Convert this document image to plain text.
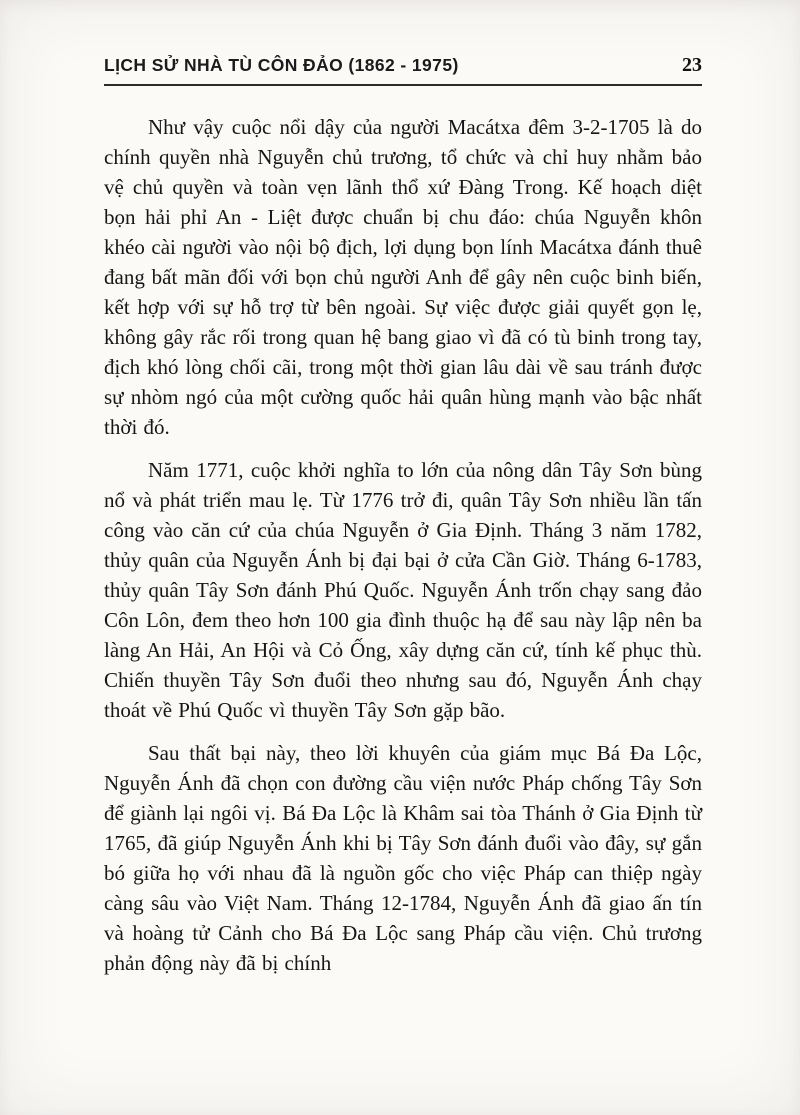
LỊCH SỬ NHÀ TÙ CÔN ĐẢO (1862 - 1975)	23

Như vậy cuộc nổi dậy của người Macátxa đêm 3-2-1705 là do chính quyền nhà Nguyễn chủ trương, tổ chức và chỉ huy nhằm bảo vệ chủ quyền và toàn vẹn lãnh thổ xứ Đàng Trong. Kế hoạch diệt bọn hải phỉ An - Liệt được chuẩn bị chu đáo: chúa Nguyễn khôn khéo cài người vào nội bộ địch, lợi dụng bọn lính Macátxa đánh thuê đang bất mãn đối với bọn chủ người Anh để gây nên cuộc binh biến, kết hợp với sự hỗ trợ từ bên ngoài. Sự việc được giải quyết gọn lẹ, không gây rắc rối trong quan hệ bang giao vì đã có tù binh trong tay, địch khó lòng chối cãi, trong một thời gian lâu dài về sau tránh được sự nhòm ngó của một cường quốc hải quân hùng mạnh vào bậc nhất thời đó.

Năm 1771, cuộc khởi nghĩa to lớn của nông dân Tây Sơn bùng nổ và phát triển mau lẹ. Từ 1776 trở đi, quân Tây Sơn nhiều lần tấn công vào căn cứ của chúa Nguyễn ở Gia Định. Tháng 3 năm 1782, thủy quân của Nguyễn Ánh bị đại bại ở cửa Cần Giờ. Tháng 6-1783, thủy quân Tây Sơn đánh Phú Quốc. Nguyễn Ánh trốn chạy sang đảo Côn Lôn, đem theo hơn 100 gia đình thuộc hạ để sau này lập nên ba làng An Hải, An Hội và Cỏ Ống, xây dựng căn cứ, tính kế phục thù. Chiến thuyền Tây Sơn đuổi theo nhưng sau đó, Nguyễn Ánh chạy thoát về Phú Quốc vì thuyền Tây Sơn gặp bão.

Sau thất bại này, theo lời khuyên của giám mục Bá Đa Lộc, Nguyễn Ánh đã chọn con đường cầu viện nước Pháp chống Tây Sơn để giành lại ngôi vị. Bá Đa Lộc là Khâm sai tòa Thánh ở Gia Định từ 1765, đã giúp Nguyễn Ánh khi bị Tây Sơn đánh đuổi vào đây, sự gắn bó giữa họ với nhau đã là nguồn gốc cho việc Pháp can thiệp ngày càng sâu vào Việt Nam. Tháng 12-1784, Nguyễn Ánh đã giao ấn tín và hoàng tử Cảnh cho Bá Đa Lộc sang Pháp cầu viện. Chủ trương phản động này đã bị chính
